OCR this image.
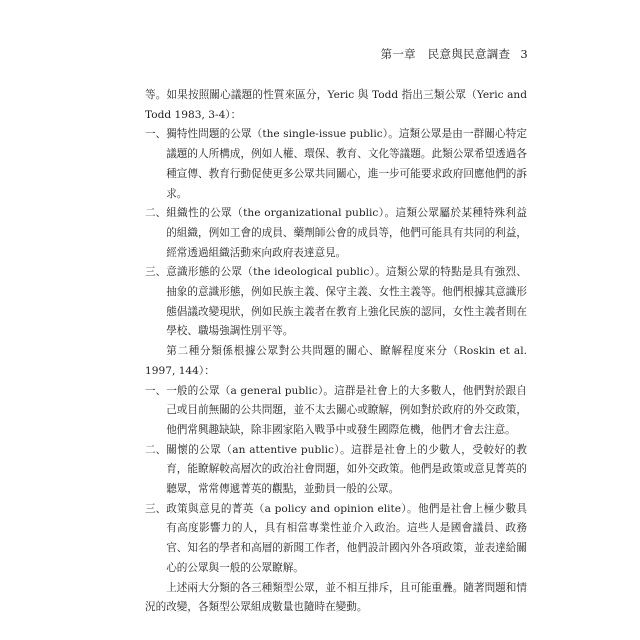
第一章　民意與民意調查 3

等。如果按照關心議題的性質來區分，Yeric 與 Todd 指出三類公眾（Yeric and Todd 1983, 3-4）：

一、 獨特性問題的公眾（the single-issue public）。這類公眾是由一群關心特定議題的人所構成，例如人權、環保、教育、文化等議題。此類公眾希望透過各種宣傳、教育行動促使更多公眾共同關心，進一步可能要求政府回應他們的訴求。
二、 組織性的公眾（the organizational public）。這類公眾屬於某種特殊利益的組織，例如工會的成員、藥劑師公會的成員等，他們可能具有共同的利益，經常透過組織活動來向政府表達意見。
三、 意識形態的公眾（the ideological public）。這類公眾的特點是具有強烈、抽象的意識形態，例如民族主義、保守主義、女性主義等。他們根據其意識形態倡議改變現狀，例如民族主義者在教育上強化民族的認同，女性主義者則在學校、職場強調性別平等。

第二種分類係根據公眾對公共問題的關心、瞭解程度來分（Roskin et al. 1997, 144）：

一、 一般的公眾（a general public）。這群是社會上的大多數人，他們對於跟自己或目前無關的公共問題，並不太去關心或瞭解，例如對於政府的外交政策，他們常興趣缺缺，除非國家陷入戰爭中或發生國際危機，他們才會去注意。
二、 關懷的公眾（an attentive public）。這群是社會上的少數人，受較好的教育，能瞭解較高層次的政治社會問題，如外交政策。他們是政策或意見菁英的聽眾，常常傳遞菁英的觀點，並動員一般的公眾。
三、 政策與意見的菁英（a policy and opinion elite）。他們是社會上極少數具有高度影響力的人，具有相當專業性並介入政治。這些人是國會議員、政務官、知名的學者和高層的新聞工作者，他們設計國內外各項政策，並表達給關心的公眾與一般的公眾瞭解。

上述兩大分類的各三種類型公眾，並不相互排斥，且可能重疊。隨著問題和情況的改變，各類型公眾組成數量也隨時在變動。
